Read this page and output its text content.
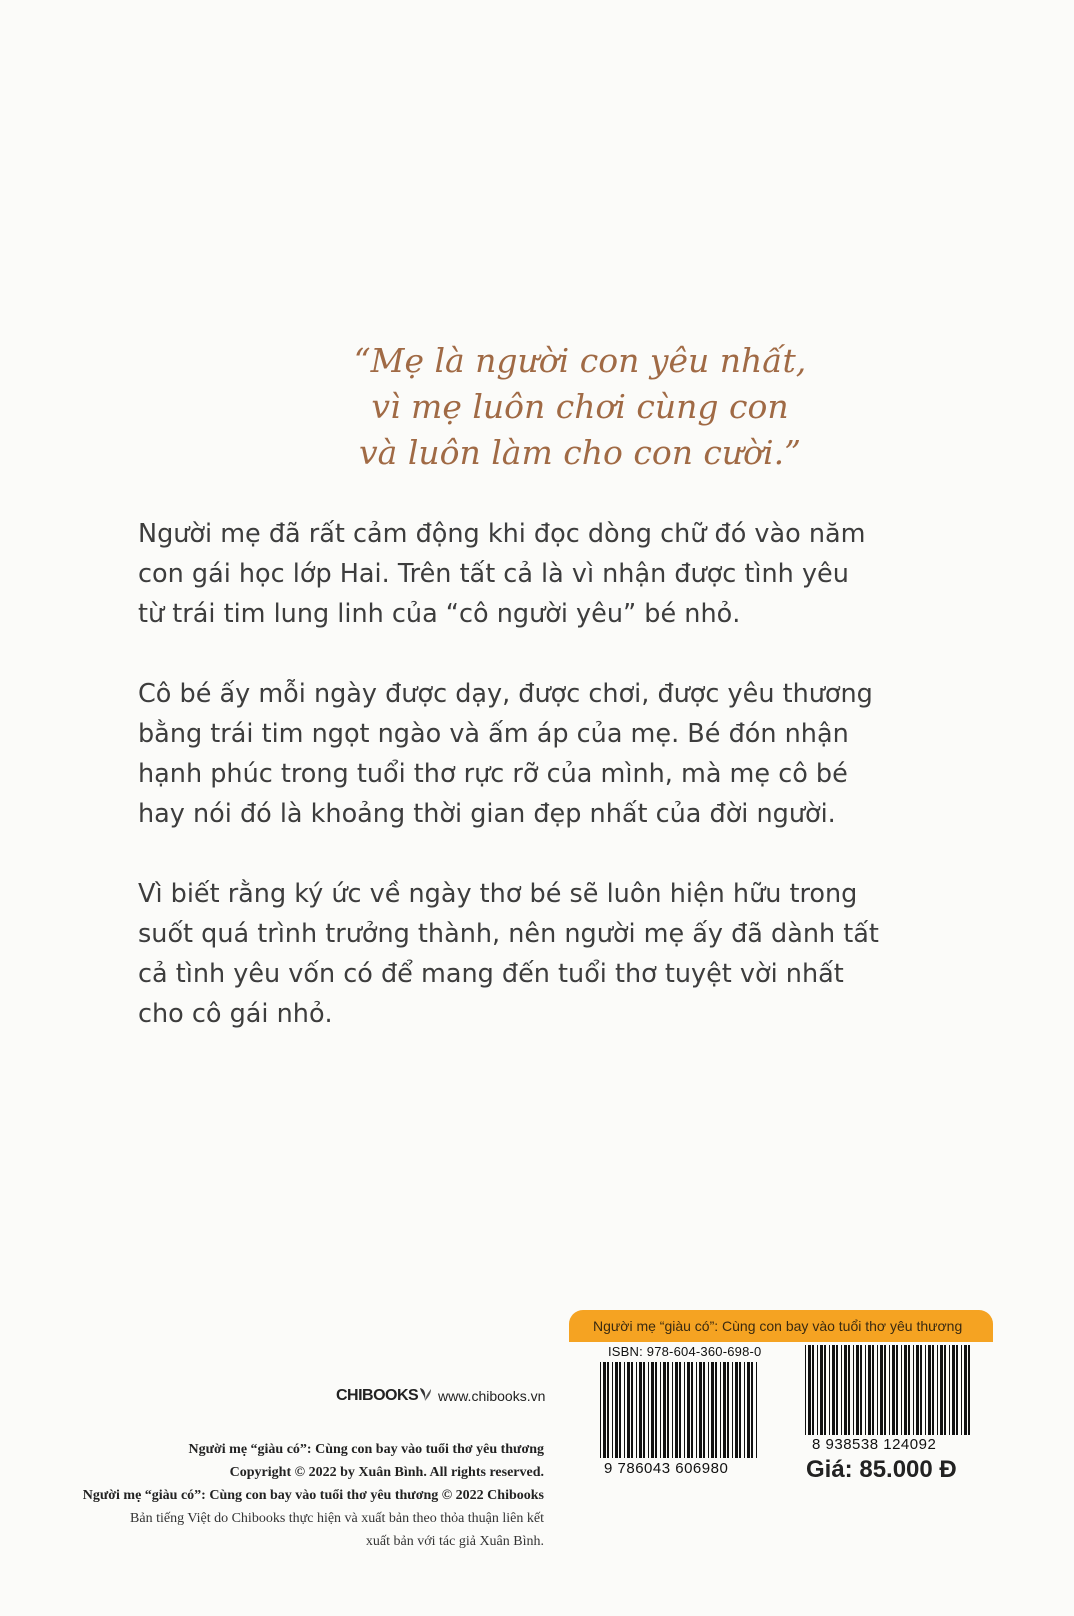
“Mẹ là người con yêu nhất,
vì mẹ luôn chơi cùng con
và luôn làm cho con cười.”
Người mẹ đã rất cảm động khi đọc dòng chữ đó vào năm
con gái học lớp Hai. Trên tất cả là vì nhận được tình yêu
từ trái tim lung linh của “cô người yêu” bé nhỏ.
Cô bé ấy mỗi ngày được dạy, được chơi, được yêu thương
bằng trái tim ngọt ngào và ấm áp của mẹ. Bé đón nhận
hạnh phúc trong tuổi thơ rực rỡ của mình, mà mẹ cô bé
hay nói đó là khoảng thời gian đẹp nhất của đời người.
Vì biết rằng ký ức về ngày thơ bé sẽ luôn hiện hữu trong
suốt quá trình trưởng thành, nên người mẹ ấy đã dành tất
cả tình yêu vốn có để mang đến tuổi thơ tuyệt vời nhất
cho cô gái nhỏ.
CHIBOOKS	www.chibooks.vn
Người mẹ “giàu có”: Cùng con bay vào tuổi thơ yêu thương
Copyright © 2022 by Xuân Bình. All rights reserved.
Người mẹ “giàu có”: Cùng con bay vào tuổi thơ yêu thương © 2022 Chibooks
Bản tiếng Việt do Chibooks thực hiện và xuất bản theo thỏa thuận liên kết
xuất bản với tác giả Xuân Bình.
Người mẹ “giàu có”: Cùng con bay vào tuổi thơ yêu thương
ISBN: 978-604-360-698-0
9 786043 606980
8 938538 124092
Giá: 85.000 Đ
